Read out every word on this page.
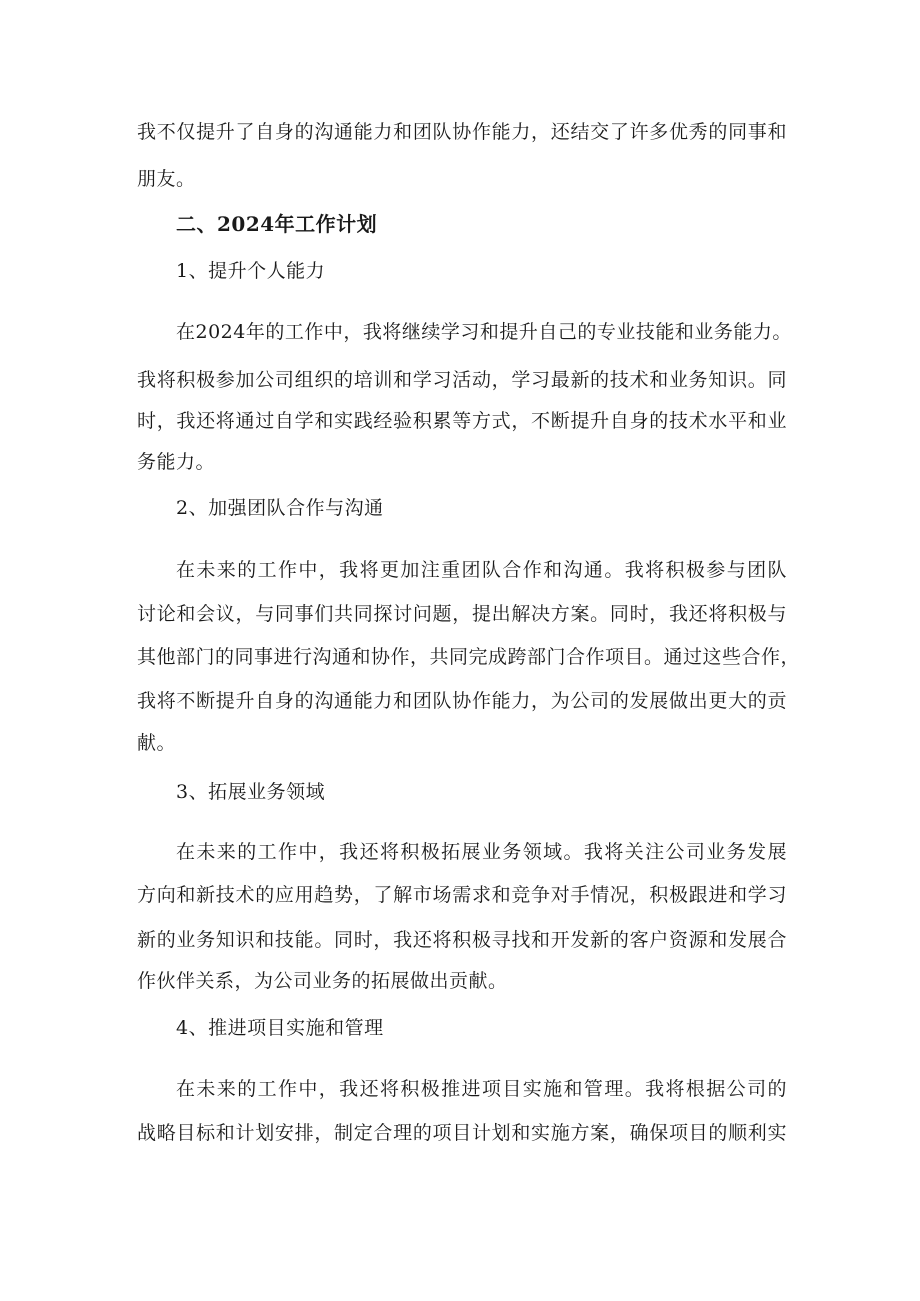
我不仅提升了自身的沟通能力和团队协作能力，还结交了许多优秀的同事和
朋友。
二、2024年工作计划
1、提升个人能力
在2024年的工作中，我将继续学习和提升自己的专业技能和业务能力。
我将积极参加公司组织的培训和学习活动，学习最新的技术和业务知识。同
时，我还将通过自学和实践经验积累等方式，不断提升自身的技术水平和业
务能力。
2、加强团队合作与沟通
在未来的工作中，我将更加注重团队合作和沟通。我将积极参与团队
讨论和会议，与同事们共同探讨问题，提出解决方案。同时，我还将积极与
其他部门的同事进行沟通和协作，共同完成跨部门合作项目。通过这些合作，
我将不断提升自身的沟通能力和团队协作能力，为公司的发展做出更大的贡
献。
3、拓展业务领域
在未来的工作中，我还将积极拓展业务领域。我将关注公司业务发展
方向和新技术的应用趋势，了解市场需求和竞争对手情况，积极跟进和学习
新的业务知识和技能。同时，我还将积极寻找和开发新的客户资源和发展合
作伙伴关系，为公司业务的拓展做出贡献。
4、推进项目实施和管理
在未来的工作中，我还将积极推进项目实施和管理。我将根据公司的
战略目标和计划安排，制定合理的项目计划和实施方案，确保项目的顺利实
